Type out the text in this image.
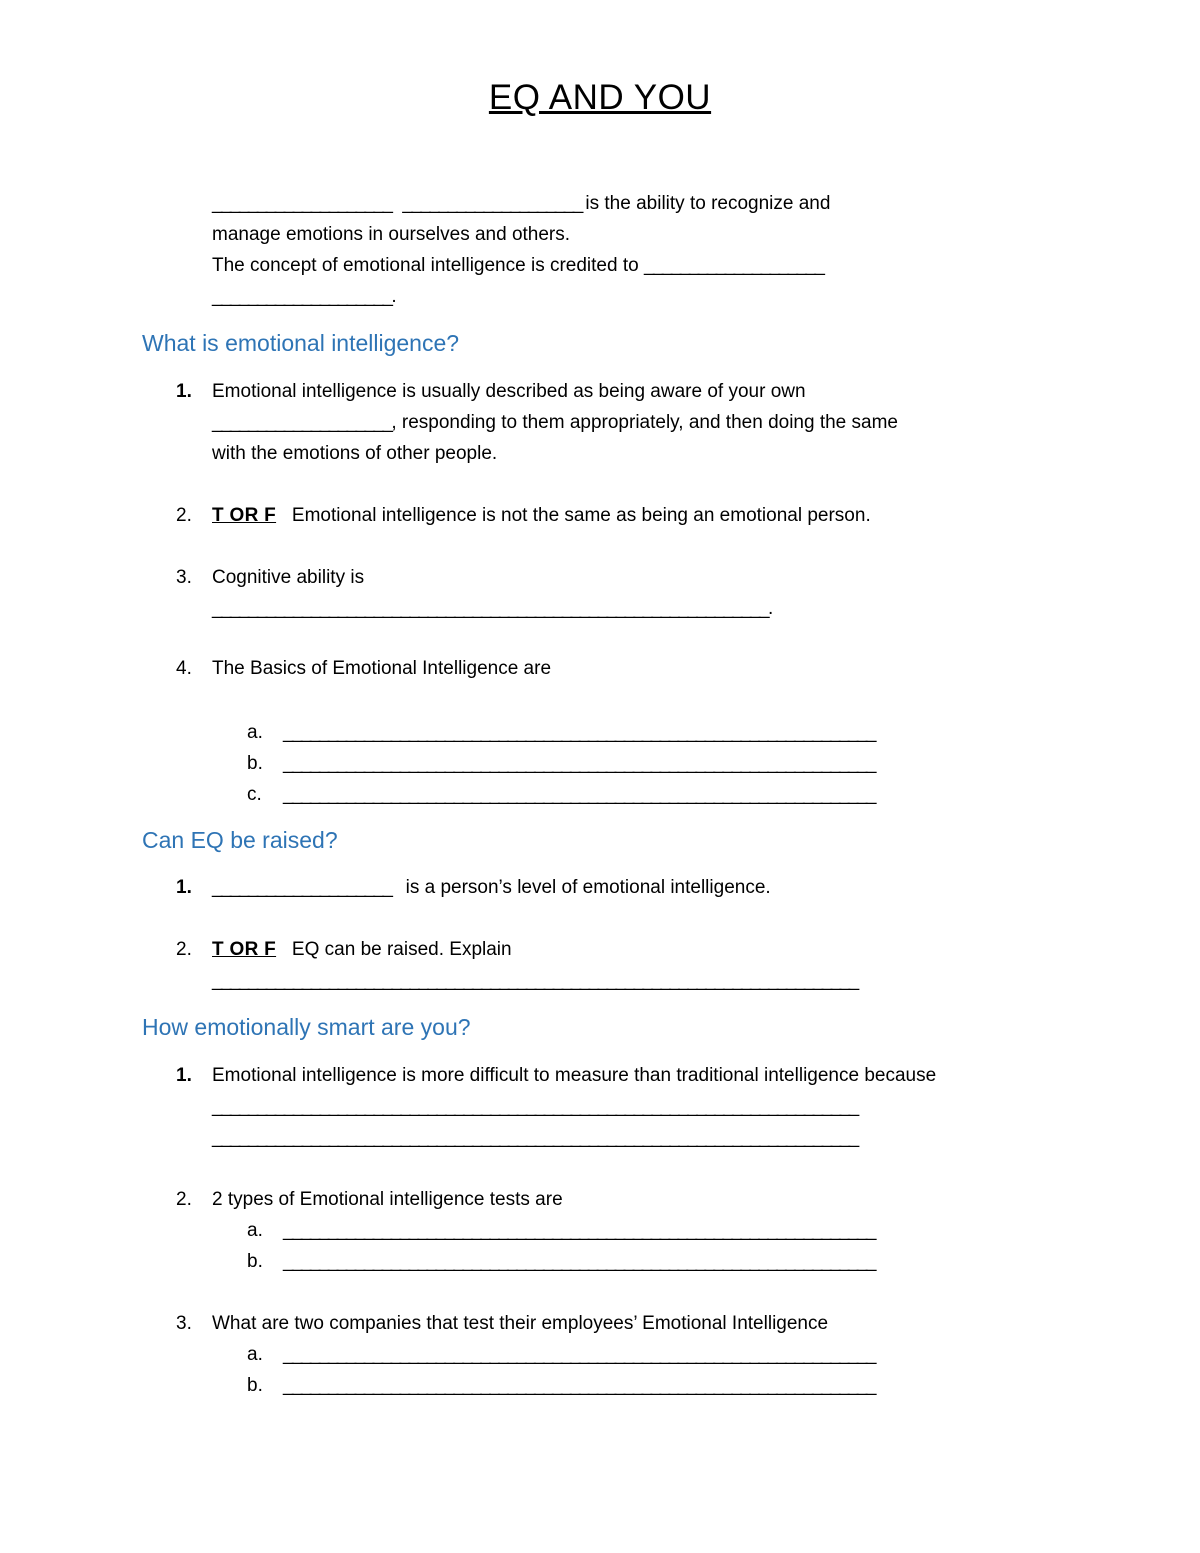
EQ AND YOU
____________________   ____________________ is the ability to recognize and
manage emotions in ourselves and others.
The concept of emotional intelligence is credited to ____________________
____________________.
What is emotional intelligence?
1. Emotional intelligence is usually described as being aware of your own
____________________, responding to them appropriately, and then doing the same
with the emotions of other people.
2. T OR F Emotional intelligence is not the same as being an emotional person.
3. Cognitive ability is
______________________________________________________________.
4. The Basics of Emotional Intelligence are
a. __________________________________________________________________
b. __________________________________________________________________
c. __________________________________________________________________
Can EQ be raised?
1. ____________________   is a person’s level of emotional intelligence.
2. T OR F EQ can be raised. Explain
________________________________________________________________________
How emotionally smart are you?
1. Emotional intelligence is more difficult to measure than traditional intelligence because
________________________________________________________________________
________________________________________________________________________
2. 2 types of Emotional intelligence tests are
a. __________________________________________________________________
b. __________________________________________________________________
3. What are two companies that test their employees’ Emotional Intelligence
a. __________________________________________________________________
b. __________________________________________________________________
